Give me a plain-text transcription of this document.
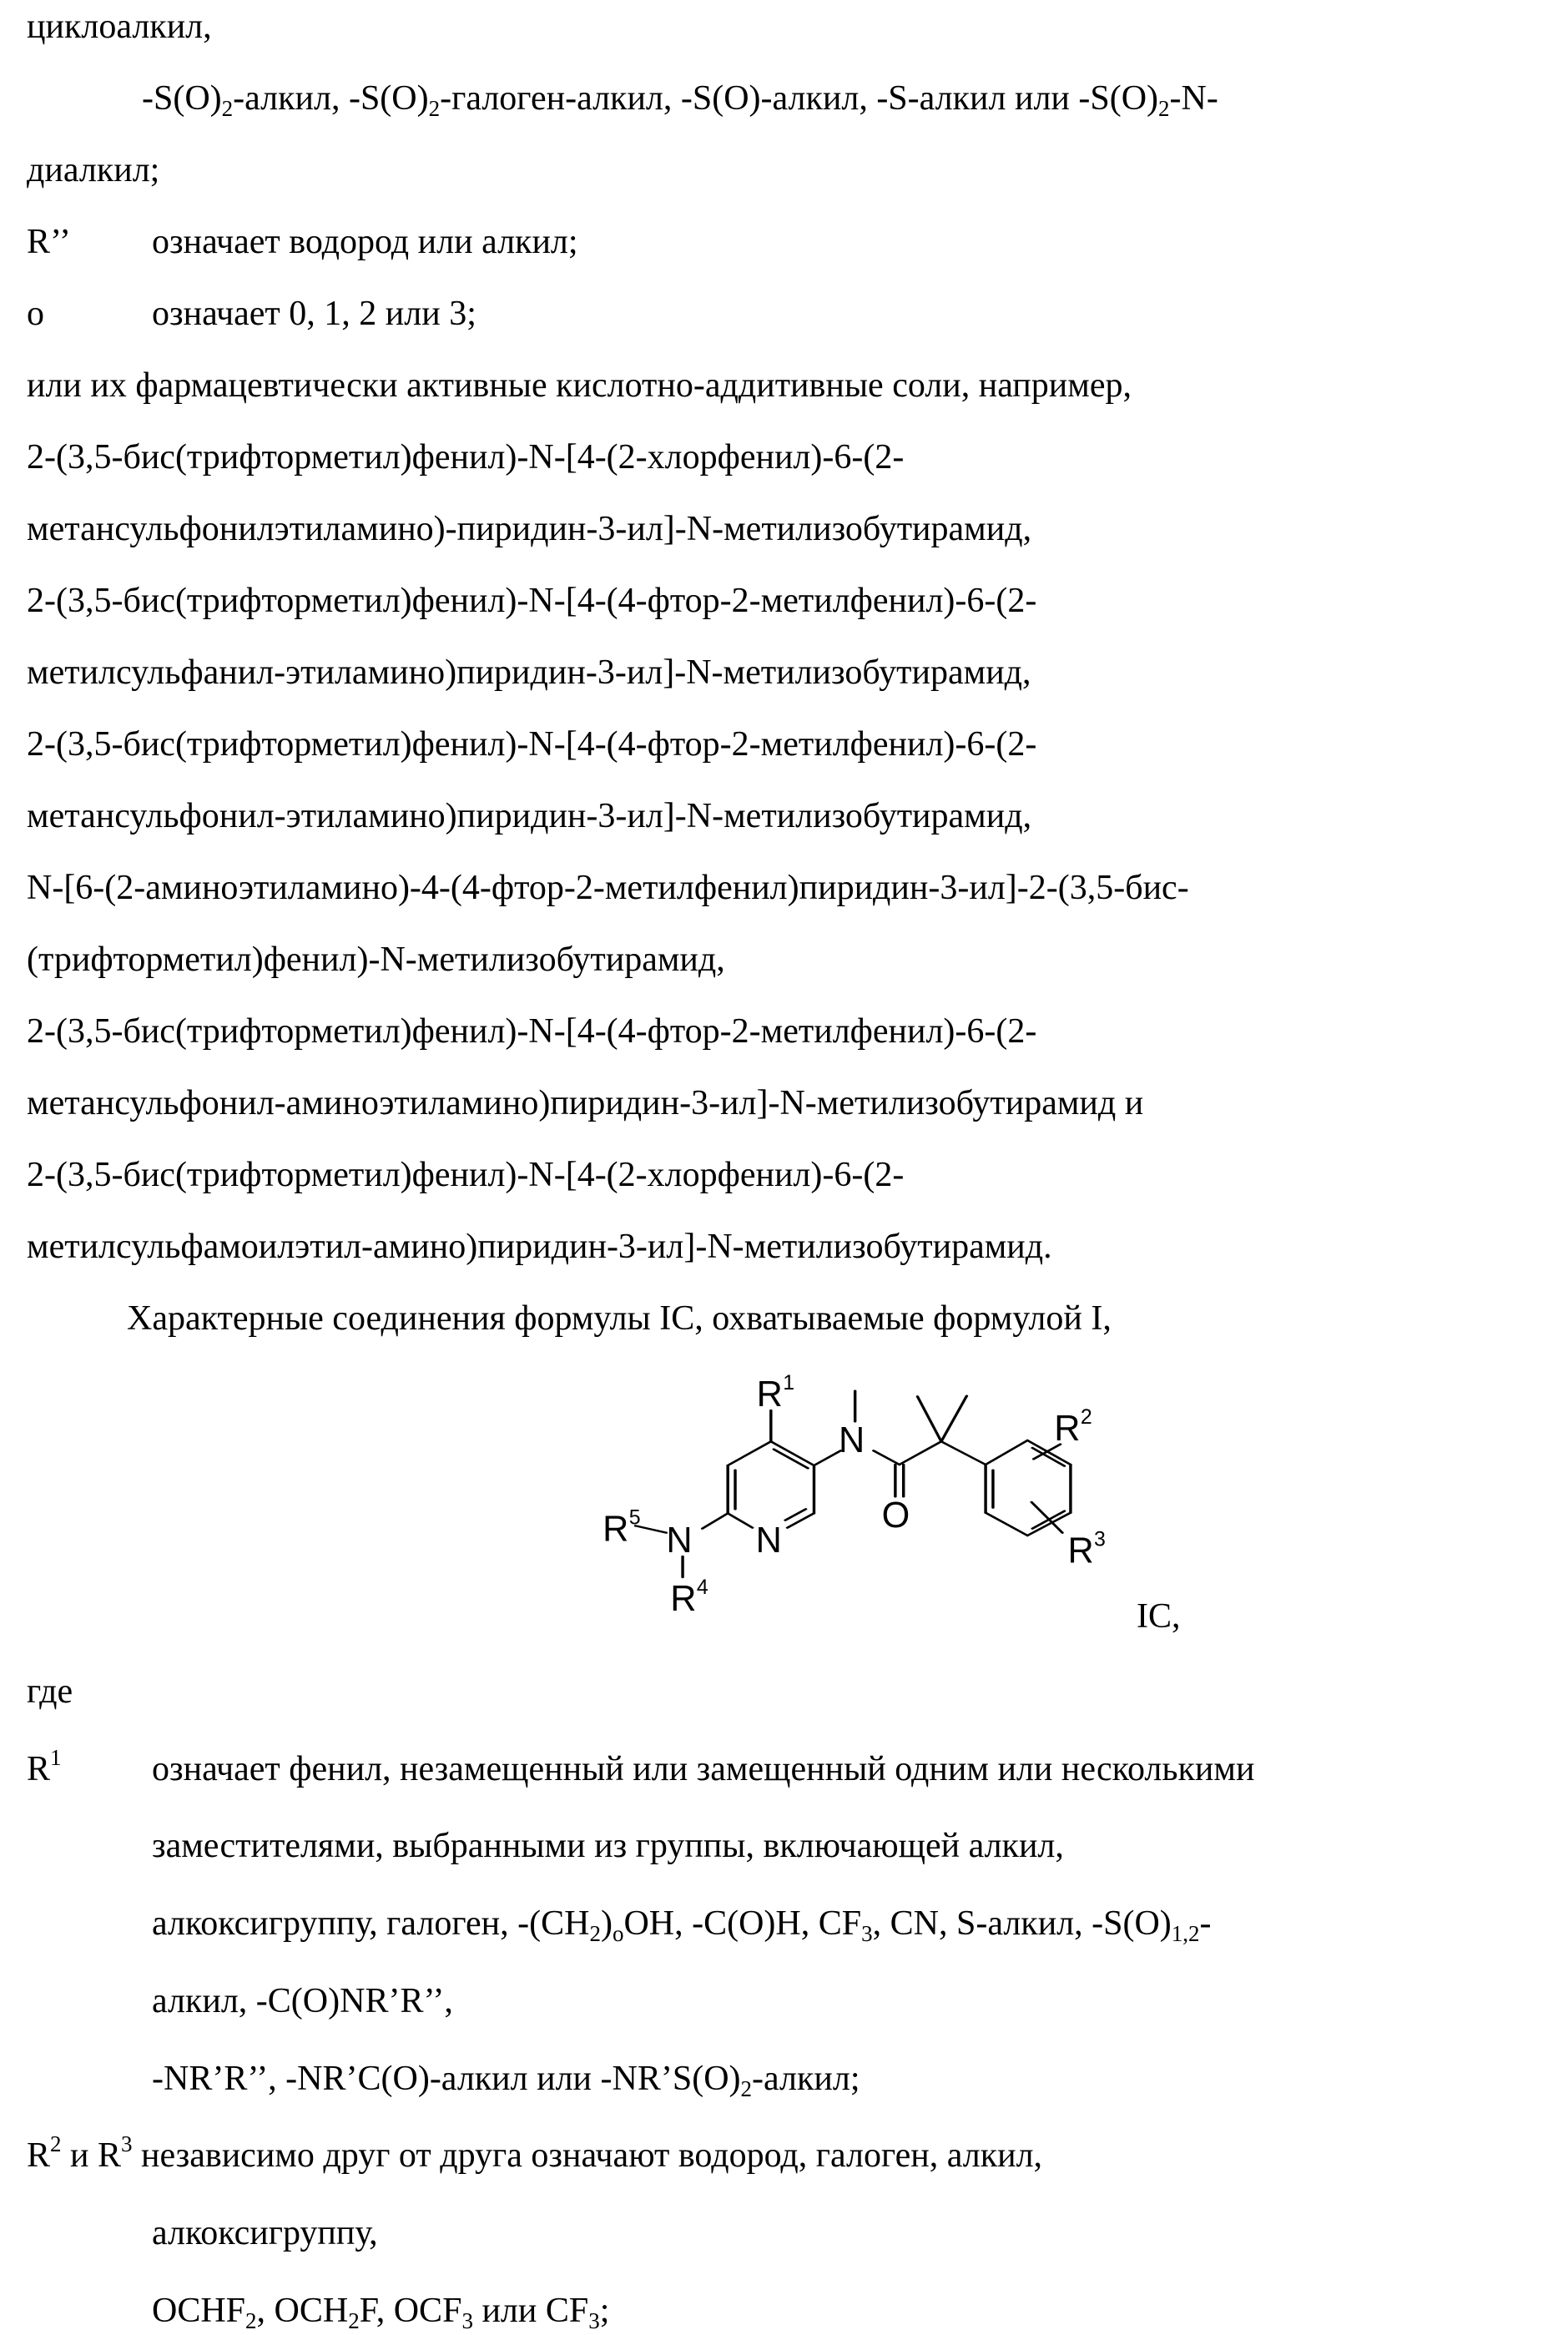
циклоалкил,
-S(O)2-алкил, -S(O)2-галоген-алкил, -S(O)-алкил, -S-алкил или -S(O)2-N-
диалкил;
R’’ означает водород или алкил;
o	означает 0, 1, 2 или 3;
или их фармацевтически активные кислотно-аддитивные соли, например,
2-(3,5-бис(трифторметил)фенил)-N-[4-(2-хлорфенил)-6-(2-
метансульфонилэтиламино)-пиридин-3-ил]-N-метилизобутирамид,
2-(3,5-бис(трифторметил)фенил)-N-[4-(4-фтор-2-метилфенил)-6-(2-
метилсульфанил-этиламино)пиридин-3-ил]-N-метилизобутирамид,
2-(3,5-бис(трифторметил)фенил)-N-[4-(4-фтор-2-метилфенил)-6-(2-
метансульфонил-этиламино)пиридин-3-ил]-N-метилизобутирамид,
N-[6-(2-аминоэтиламино)-4-(4-фтор-2-метилфенил)пиридин-3-ил]-2-(3,5-бис-
(трифторметил)фенил)-N-метилизобутирамид,
2-(3,5-бис(трифторметил)фенил)-N-[4-(4-фтор-2-метилфенил)-6-(2-
метансульфонил-аминоэтиламино)пиридин-3-ил]-N-метилизобутирамид и
2-(3,5-бис(трифторметил)фенил)-N-[4-(2-хлорфенил)-6-(2-
метилсульфамоилэтил-амино)пиридин-3-ил]-N-метилизобутирамид.
Характерные соединения формулы IC, охватываемые формулой I,
R 1
N
O
N
N
R 5
R 4
R 2
R 3
IC,
где
R1	означает фенил, незамещенный или замещенный одним или несколькими
заместителями, выбранными из группы, включающей алкил,
алкоксигруппу, галоген, -(CH2)oOH, -C(O)H, CF3, CN, S-алкил, -S(O)1,2-
алкил, -C(O)NR’R’’,
-NR’R’’, -NR’C(O)-алкил или -NR’S(O)2-алкил;
R2 и R3 независимо друг от друга означают водород, галоген, алкил,
алкоксигруппу,
OCHF2, OCH2F, OCF3 или CF3;
